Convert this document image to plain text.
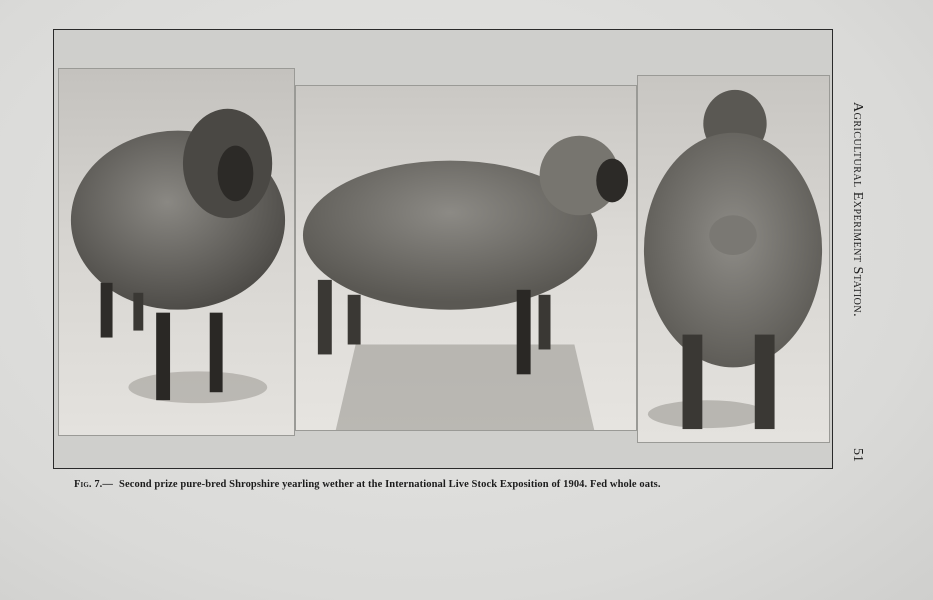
Fig. 7.— Second prize pure-bred Shropshire yearling wether at the International Live Stock Exposition of 1904. Fed whole oats.
Agricultural Experiment Station.
51
